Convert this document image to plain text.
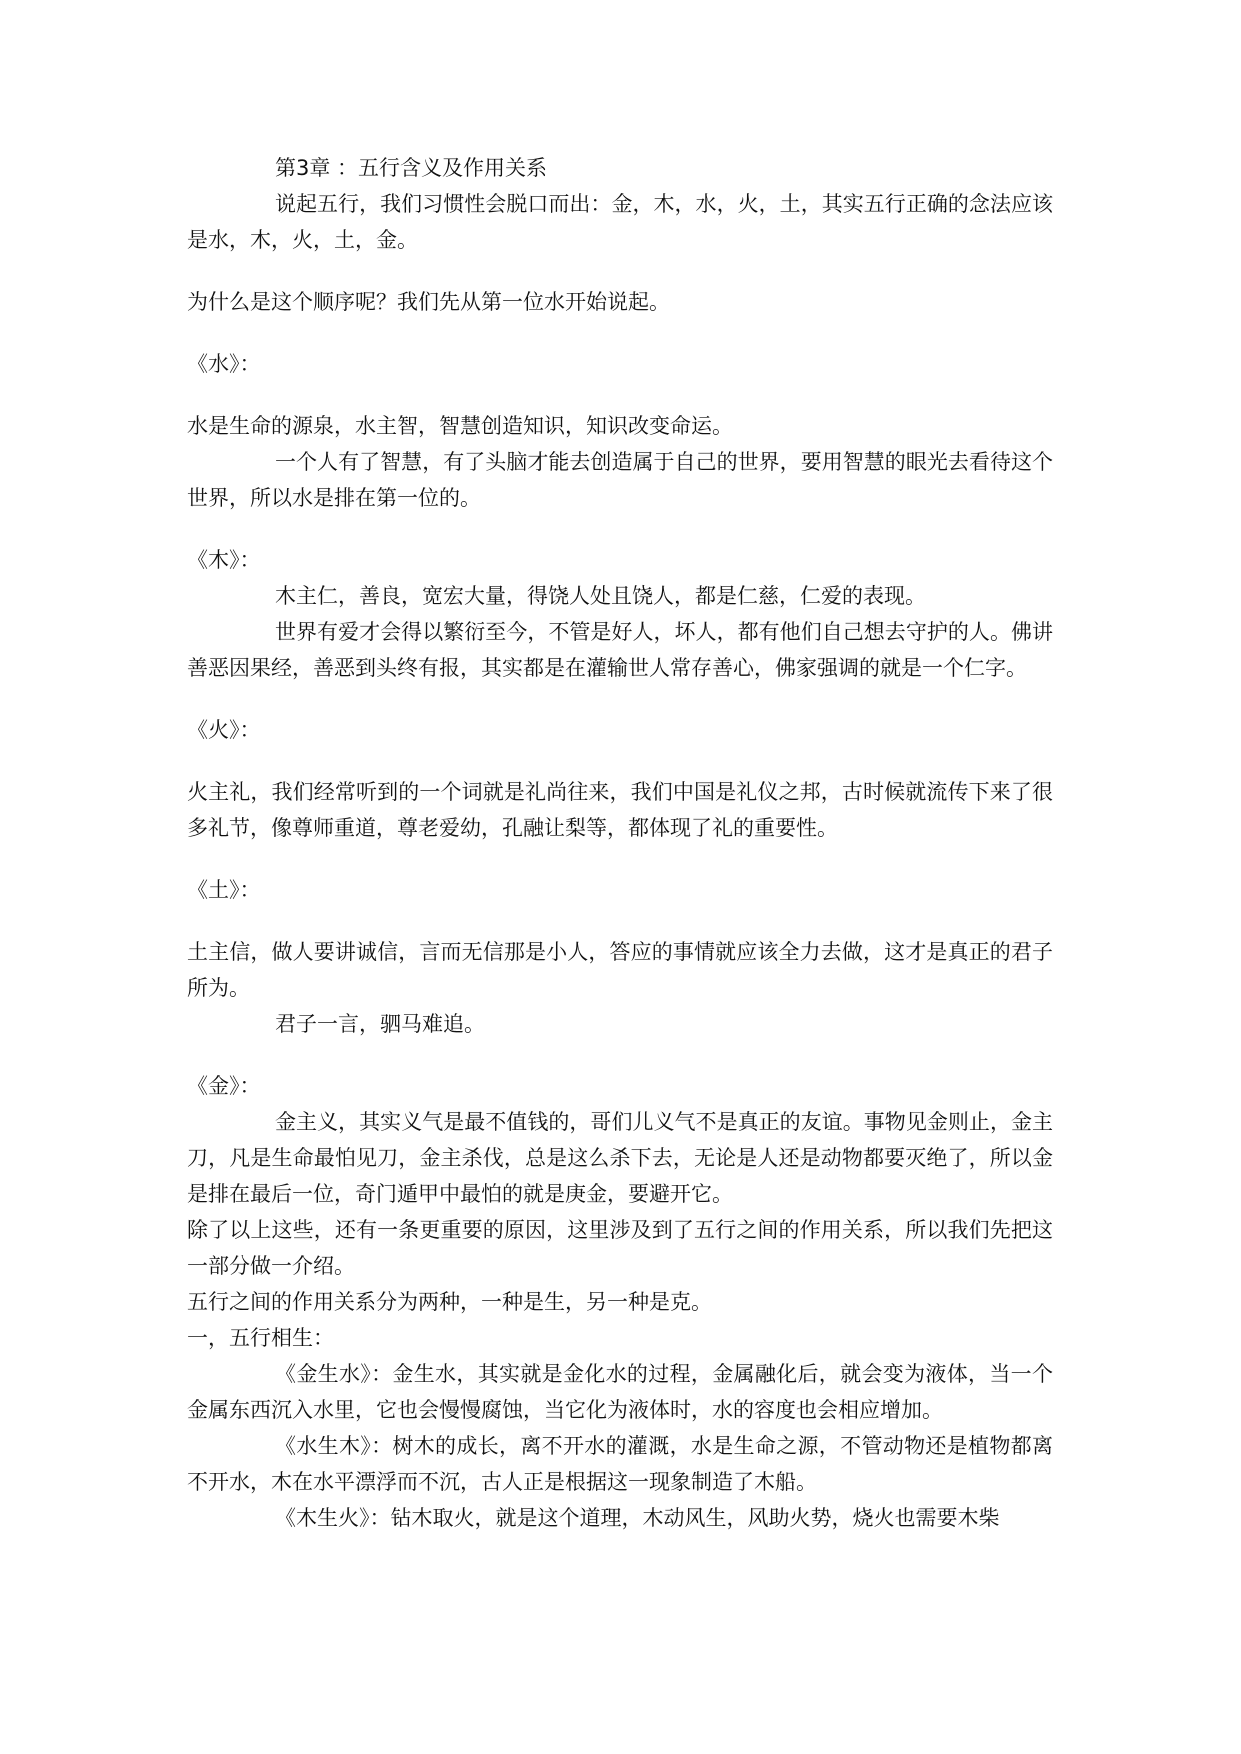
第3章 ：五行含义及作用关系

说起五行，我们习惯性会脱口而出：金，木，水，火，土，其实五行正确的念法应该是水，木，火，土，金。

为什么是这个顺序呢？我们先从第一位水开始说起。

《水》：

水是生命的源泉，水主智，智慧创造知识，知识改变命运。

一个人有了智慧，有了头脑才能去创造属于自己的世界，要用智慧的眼光去看待这个世界，所以水是排在第一位的。

《木》：

木主仁，善良，宽宏大量，得饶人处且饶人，都是仁慈，仁爱的表现。

世界有爱才会得以繁衍至今，不管是好人，坏人，都有他们自己想去守护的人。佛讲善恶因果经，善恶到头终有报，其实都是在灌输世人常存善心，佛家强调的就是一个仁字。

《火》：

火主礼，我们经常听到的一个词就是礼尚往来，我们中国是礼仪之邦，古时候就流传下来了很多礼节，像尊师重道，尊老爱幼，孔融让梨等，都体现了礼的重要性。

《土》：

土主信，做人要讲诚信，言而无信那是小人，答应的事情就应该全力去做，这才是真正的君子所为。

君子一言，驷马难追。

《金》：

金主义，其实义气是最不值钱的，哥们儿义气不是真正的友谊。事物见金则止，金主刀，凡是生命最怕见刀，金主杀伐，总是这么杀下去，无论是人还是动物都要灭绝了，所以金是排在最后一位，奇门遁甲中最怕的就是庚金，要避开它。

除了以上这些，还有一条更重要的原因，这里涉及到了五行之间的作用关系，所以我们先把这一部分做一介绍。

五行之间的作用关系分为两种，一种是生，另一种是克。

一，五行相生：

《金生水》：金生水，其实就是金化水的过程，金属融化后，就会变为液体，当一个金属东西沉入水里，它也会慢慢腐蚀，当它化为液体时，水的容度也会相应增加。

《水生木》：树木的成长，离不开水的灌溉，水是生命之源，不管动物还是植物都离不开水，木在水平漂浮而不沉，古人正是根据这一现象制造了木船。

《木生火》：钻木取火，就是这个道理，木动风生，风助火势，烧火也需要木柴
